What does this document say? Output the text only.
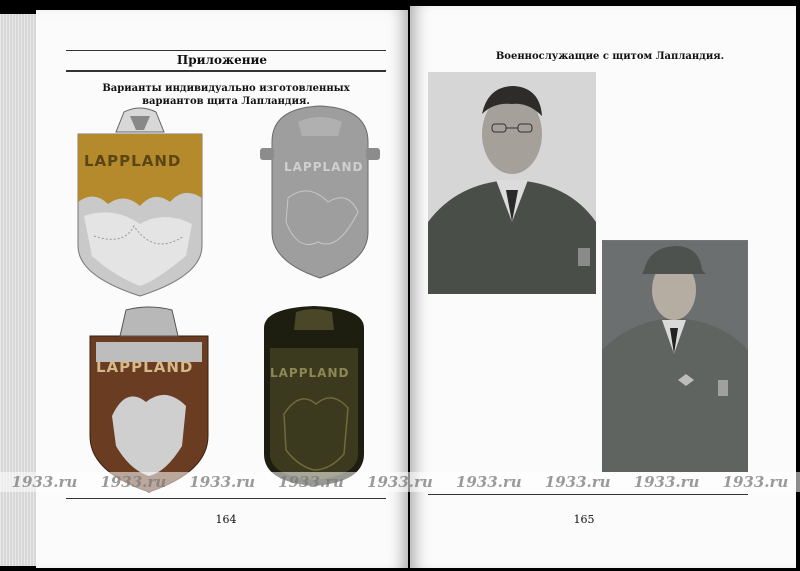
Приложение
Варианты индивидуально изготовленных вариантов щита Лапландия.
LAPPLAND	LAPPLAND
LAPPLAND	LAPPLAND
164
Военнослужащие с щитом Лапландия.
165
1933.ru 1933.ru 1933.ru 1933.ru 1933.ru 1933.ru 1933.ru 1933.ru 1933.ru
